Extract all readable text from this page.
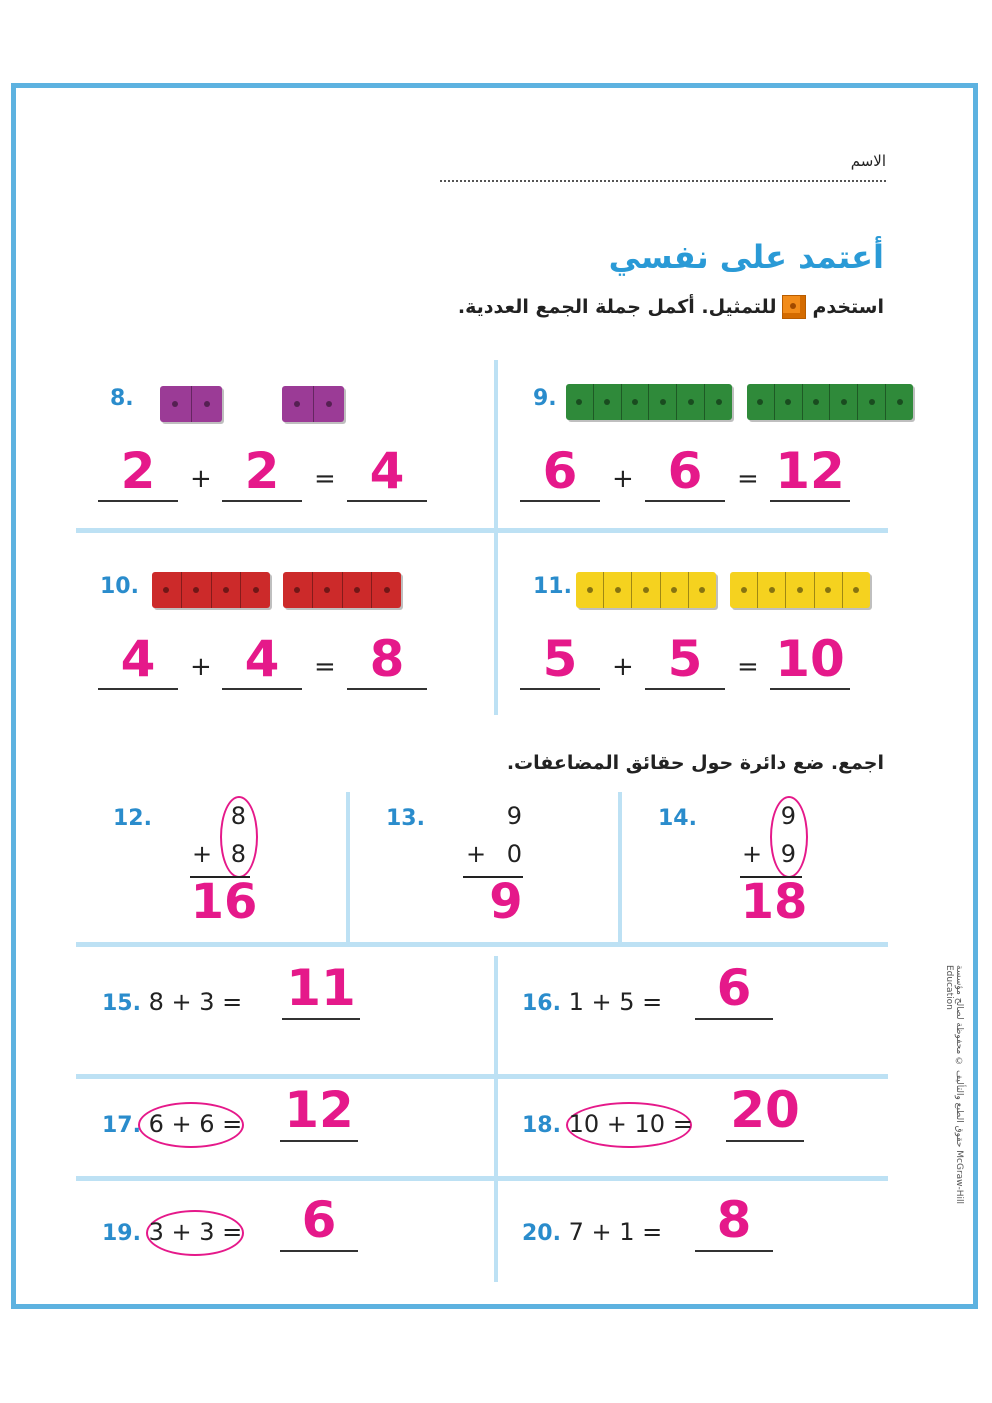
الاسم
أعتمد على نفسي
استخدم
للتمثيل. أكمل جملة الجمع العددية.
8.
2	+ 2	= 4
9.
6	+ 6	= 12
10.
4	+ 4	= 8
11.
5	+ 5	= 10
اجمع. ضع دائرة حول حقائق المضاعفات.
12.	8
+ 8
16
13.	9
+ 0
9
14.	9
+ 9
18
15. 8 + 3 = 11	16. 1 + 5 =	6
17. 6 + 6 = 12	18. 10 + 10 = 20
19. 3 + 3 =	6	20. 7 + 1 =	8
حقوق الطبع والتأليف © محفوظة لصالح مؤسسة McGraw-Hill Education
